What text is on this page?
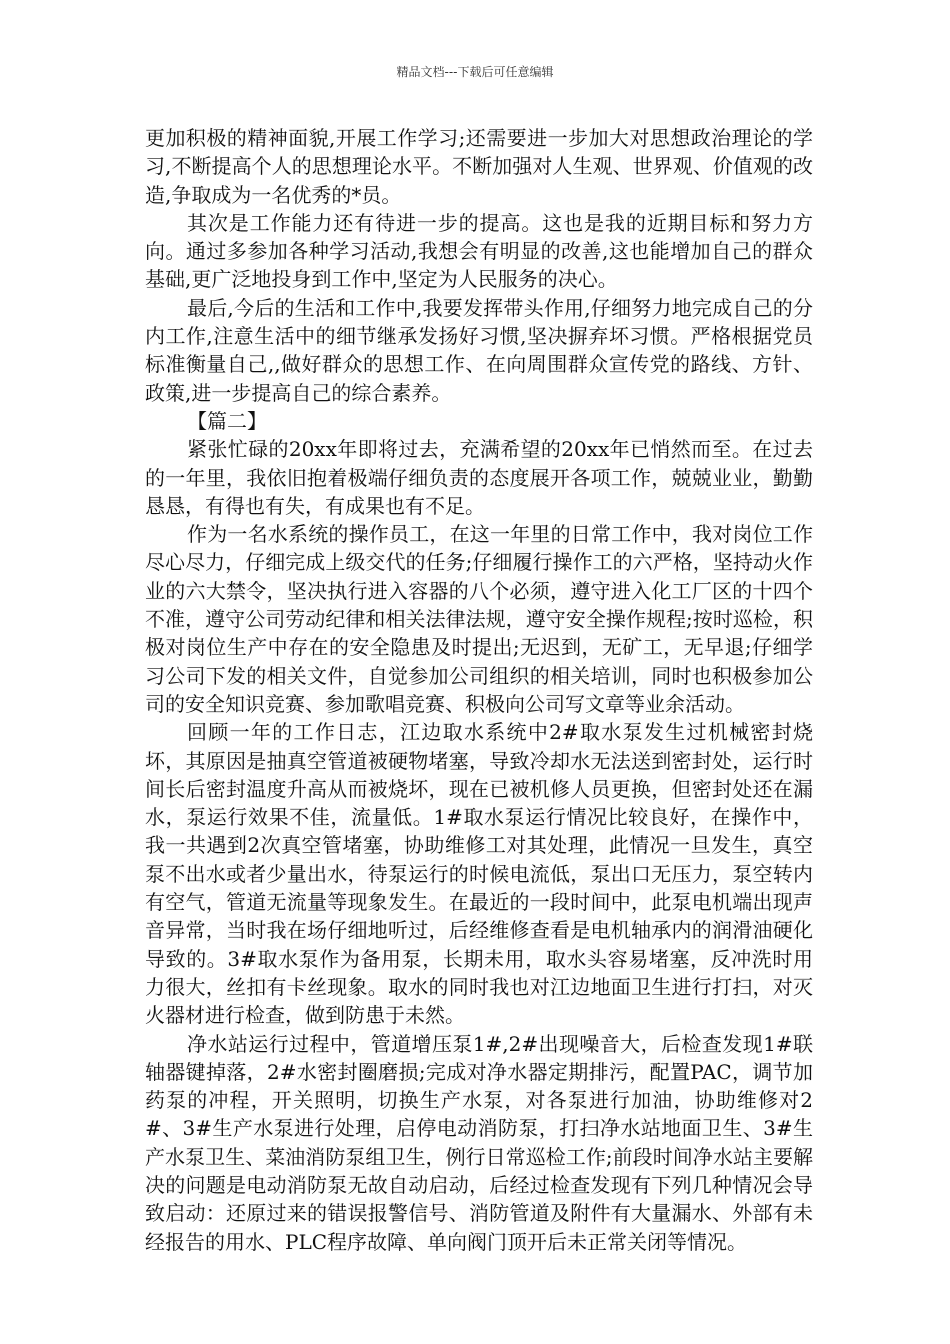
精品文档---下载后可任意编辑

更加积极的精神面貌,开展工作学习;还需要进一步加大对思想政治理论的学习,不断提高个人的思想理论水平。不断加强对人生观、世界观、价值观的改造,争取成为一名优秀的*员。

其次是工作能力还有待进一步的提高。这也是我的近期目标和努力方向。通过多参加各种学习活动,我想会有明显的改善,这也能增加自己的群众基础,更广泛地投身到工作中,坚定为人民服务的决心。

最后,今后的生活和工作中,我要发挥带头作用,仔细努力地完成自己的分内工作,注意生活中的细节继承发扬好习惯,坚决摒弃坏习惯。严格根据党员标准衡量自己,,做好群众的思想工作、在向周围群众宣传党的路线、方针、政策,进一步提高自己的综合素养。

【篇二】

紧张忙碌的20xx年即将过去，充满希望的20xx年已悄然而至。在过去的一年里，我依旧抱着极端仔细负责的态度展开各项工作，兢兢业业，勤勤恳恳，有得也有失，有成果也有不足。

作为一名水系统的操作员工，在这一年里的日常工作中，我对岗位工作尽心尽力，仔细完成上级交代的任务;仔细履行操作工的六严格，坚持动火作业的六大禁令，坚决执行进入容器的八个必须，遵守进入化工厂区的十四个不准，遵守公司劳动纪律和相关法律法规，遵守安全操作规程;按时巡检，积极对岗位生产中存在的安全隐患及时提出;无迟到，无矿工，无早退;仔细学习公司下发的相关文件，自觉参加公司组织的相关培训，同时也积极参加公司的安全知识竞赛、参加歌唱竞赛、积极向公司写文章等业余活动。

回顾一年的工作日志，江边取水系统中2#取水泵发生过机械密封烧坏，其原因是抽真空管道被硬物堵塞，导致冷却水无法送到密封处，运行时间长后密封温度升高从而被烧坏，现在已被机修人员更换，但密封处还在漏水，泵运行效果不佳，流量低。1#取水泵运行情况比较良好，在操作中，我一共遇到2次真空管堵塞，协助维修工对其处理，此情况一旦发生，真空泵不出水或者少量出水，待泵运行的时候电流低，泵出口无压力，泵空转内有空气，管道无流量等现象发生。在最近的一段时间中，此泵电机端出现声音异常，当时我在场仔细地听过，后经维修查看是电机轴承内的润滑油硬化导致的。3#取水泵作为备用泵，长期未用，取水头容易堵塞，反冲洗时用力很大，丝扣有卡丝现象。取水的同时我也对江边地面卫生进行打扫，对灭火器材进行检查，做到防患于未然。

净水站运行过程中，管道增压泵1#,2#出现噪音大，后检查发现1#联轴器键掉落，2#水密封圈磨损;完成对净水器定期排污，配置PAC，调节加药泵的冲程，开关照明，切换生产水泵，对各泵进行加油，协助维修对2#、3#生产水泵进行处理，启停电动消防泵，打扫净水站地面卫生、3#生产水泵卫生、菜油消防泵组卫生，例行日常巡检工作;前段时间净水站主要解决的问题是电动消防泵无故自动启动，后经过检查发现有下列几种情况会导致启动：还原过来的错误报警信号、消防管道及附件有大量漏水、外部有未经报告的用水、PLC程序故障、单向阀门顶开后未正常关闭等情况。
